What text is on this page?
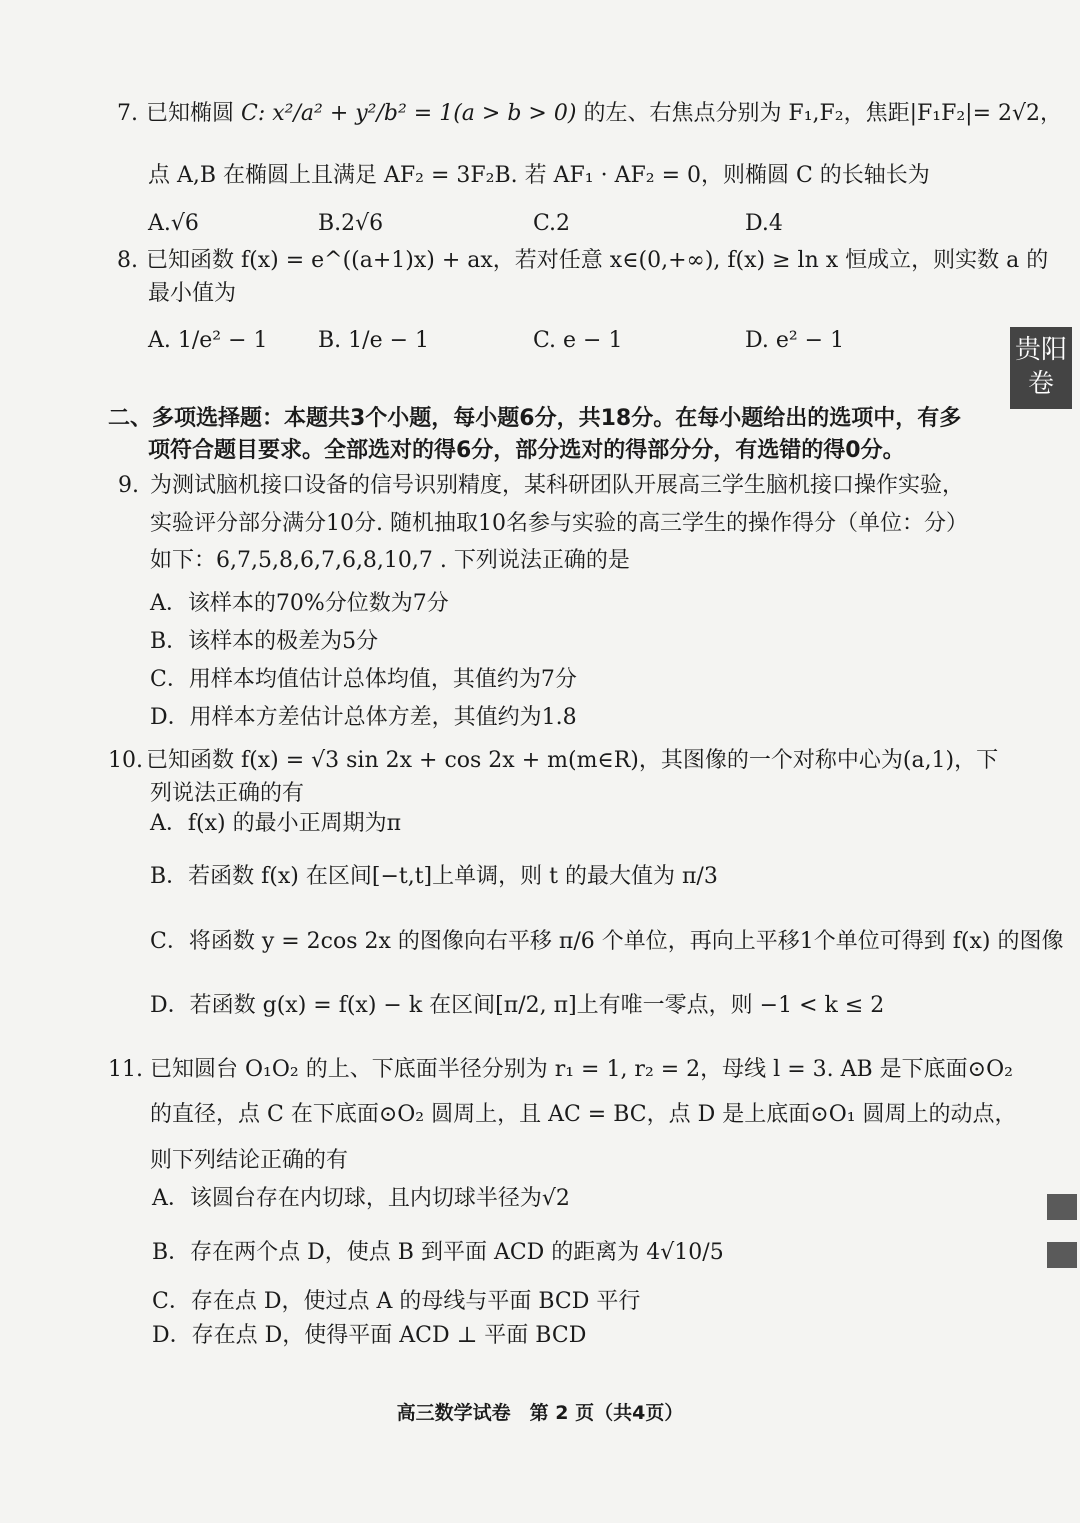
7. 已知椭圆 C: x²/a² + y²/b² = 1(a > b > 0) 的左、右焦点分别为 F₁,F₂，焦距|F₁F₂|= 2√2，
点 A,B 在椭圆上且满足 AF₂ = 3F₂B. 若 AF₁ · AF₂ = 0，则椭圆 C 的长轴长为
A.√6	B.2√6	C.2	D.4
8. 已知函数 f(x) = e^((a+1)x) + ax，若对任意 x∈(0,+∞), f(x) ≥ ln x 恒成立，则实数 a 的
最小值为
A. 1/e² − 1 B. 1/e − 1	C. e − 1	D. e² − 1
二、多项选择题：本题共3个小题，每小题6分，共18分。在每小题给出的选项中，有多
项符合题目要求。全部选对的得6分，部分选对的得部分分，有选错的得0分。
9. 为测试脑机接口设备的信号识别精度，某科研团队开展高三学生脑机接口操作实验，
实验评分部分满分10分. 随机抽取10名参与实验的高三学生的操作得分（单位：分）
如下：6,7,5,8,6,7,6,8,10,7 . 下列说法正确的是
A．该样本的70%分位数为7分
B．该样本的极差为5分
C．用样本均值估计总体均值，其值约为7分
D．用样本方差估计总体方差，其值约为1.8
10. 已知函数 f(x) = √3 sin 2x + cos 2x + m(m∈R)，其图像的一个对称中心为(a,1)，下
列说法正确的有
A．f(x) 的最小正周期为π
B．若函数 f(x) 在区间[−t,t]上单调，则 t 的最大值为 π/3
C．将函数 y = 2cos 2x 的图像向右平移 π/6 个单位，再向上平移1个单位可得到 f(x) 的图像
D．若函数 g(x) = f(x) − k 在区间[π/2, π]上有唯一零点，则 −1 < k ≤ 2
11. 已知圆台 O₁O₂ 的上、下底面半径分别为 r₁ = 1, r₂ = 2，母线 l = 3. AB 是下底面⊙O₂
的直径，点 C 在下底面⊙O₂ 圆周上，且 AC = BC，点 D 是上底面⊙O₁ 圆周上的动点，
则下列结论正确的有
A．该圆台存在内切球，且内切球半径为√2
B．存在两个点 D，使点 B 到平面 ACD 的距离为 4√10/5
C．存在点 D，使过点 A 的母线与平面 BCD 平行
D．存在点 D，使得平面 ACD ⊥ 平面 BCD
贵阳卷
高三数学试卷　第 2 页（共4页）
